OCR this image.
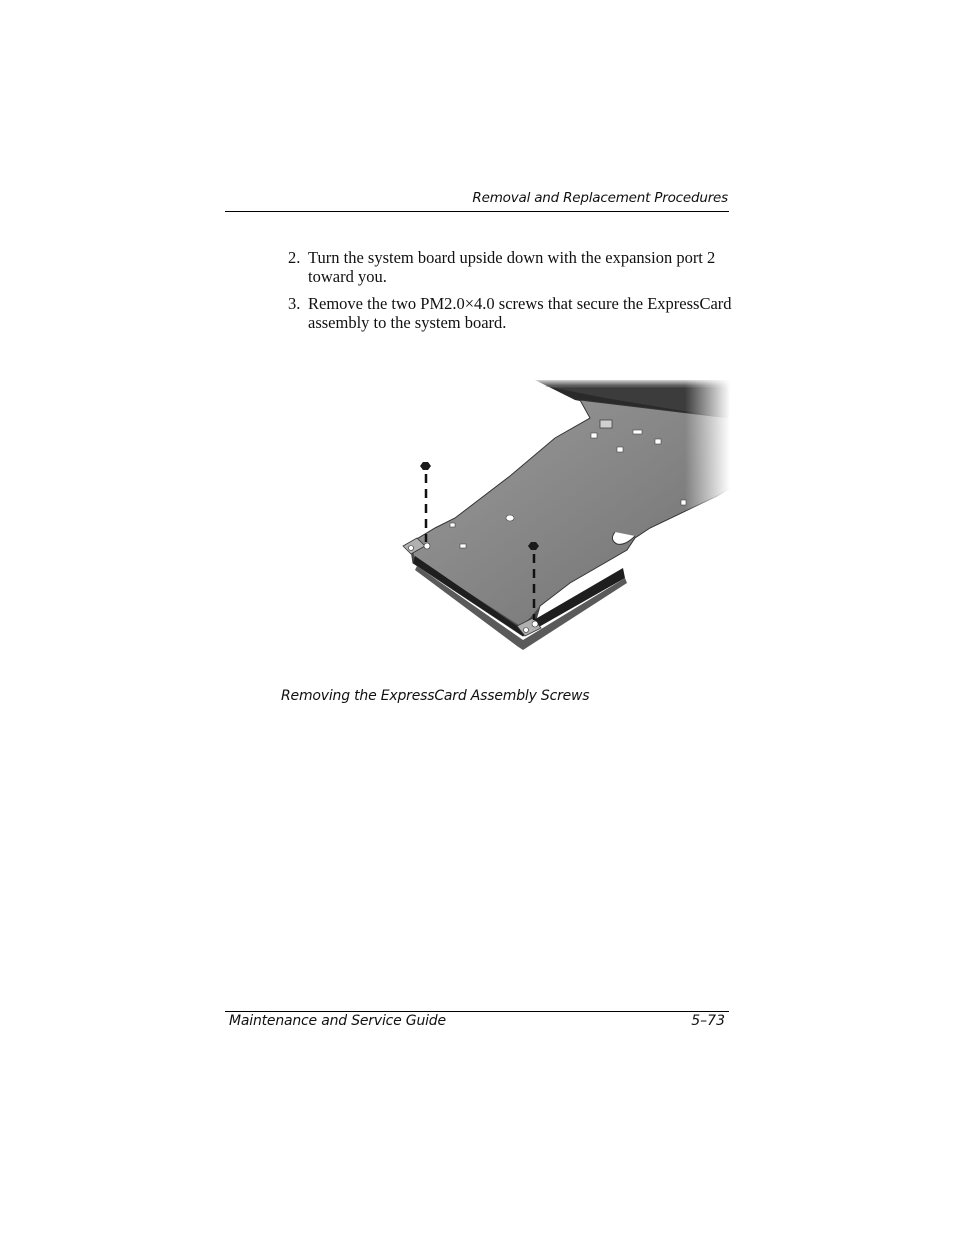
Removal and Replacement Procedures
2. Turn the system board upside down with the expansion port 2 toward you.
3. Remove the two PM2.0×4.0 screws that secure the ExpressCard assembly to the system board.
Removing the ExpressCard Assembly Screws
Maintenance and Service Guide	5–73
